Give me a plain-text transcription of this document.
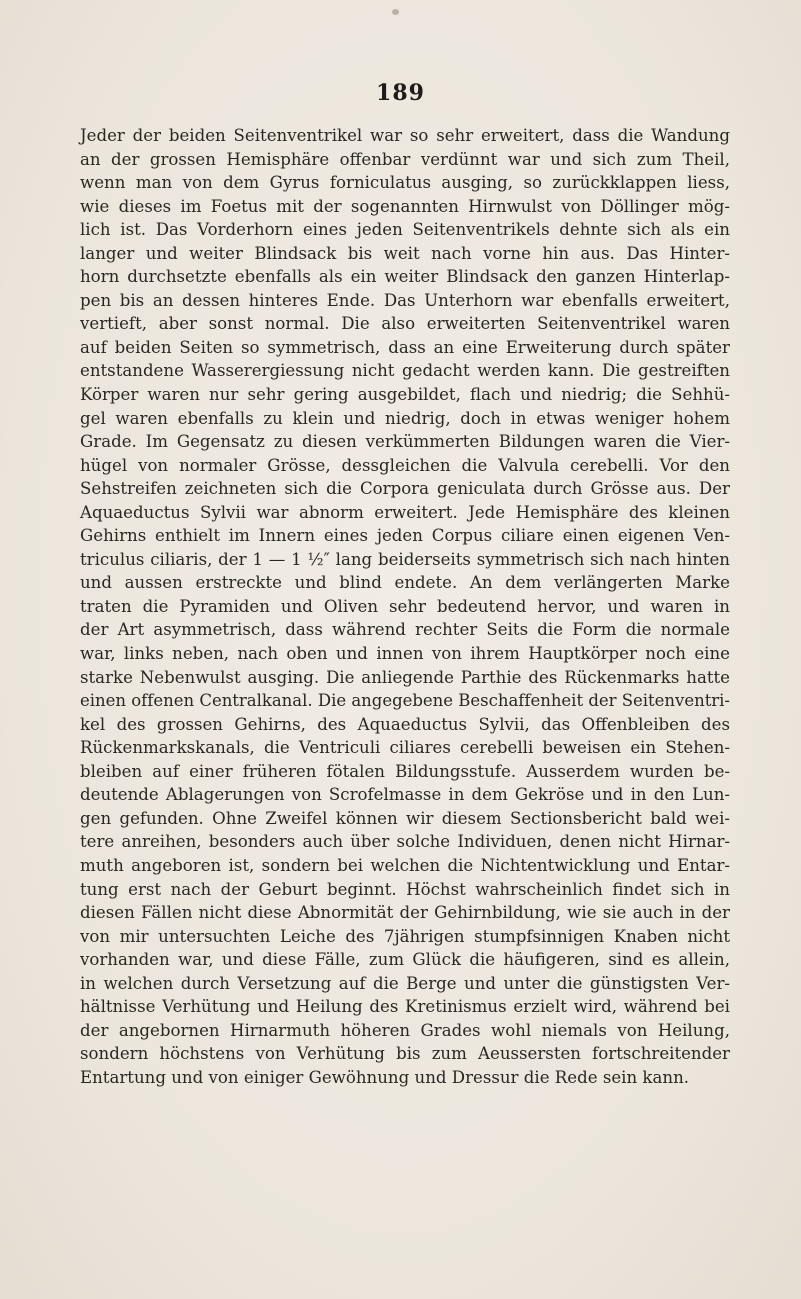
189
Jeder der beiden Seitenventrikel war so sehr erweitert, dass die Wandung
an der grossen Hemisphäre offenbar verdünnt war und sich zum Theil,
wenn man von dem Gyrus forniculatus ausging, so zurückklappen liess,
wie dieses im Foetus mit der sogenannten Hirnwulst von Döllinger mög-
lich ist. Das Vorderhorn eines jeden Seitenventrikels dehnte sich als ein
langer und weiter Blindsack bis weit nach vorne hin aus. Das Hinter-
horn durchsetzte ebenfalls als ein weiter Blindsack den ganzen Hinterlap-
pen bis an dessen hinteres Ende. Das Unterhorn war ebenfalls erweitert,
vertieft, aber sonst normal. Die also erweiterten Seitenventrikel waren
auf beiden Seiten so symmetrisch, dass an eine Erweiterung durch später
entstandene Wasserergiessung nicht gedacht werden kann. Die gestreiften
Körper waren nur sehr gering ausgebildet, flach und niedrig; die Sehhü-
gel waren ebenfalls zu klein und niedrig, doch in etwas weniger hohem
Grade. Im Gegensatz zu diesen verkümmerten Bildungen waren die Vier-
hügel von normaler Grösse, dessgleichen die Valvula cerebelli. Vor den
Sehstreifen zeichneten sich die Corpora geniculata durch Grösse aus. Der
Aquaeductus Sylvii war abnorm erweitert. Jede Hemisphäre des kleinen
Gehirns enthielt im Innern eines jeden Corpus ciliare einen eigenen Ven-
triculus ciliaris, der 1 — 1 ½″ lang beiderseits symmetrisch sich nach hinten
und aussen erstreckte und blind endete. An dem verlängerten Marke
traten die Pyramiden und Oliven sehr bedeutend hervor, und waren in
der Art asymmetrisch, dass während rechter Seits die Form die normale
war, links neben, nach oben und innen von ihrem Hauptkörper noch eine
starke Nebenwulst ausging. Die anliegende Parthie des Rückenmarks hatte
einen offenen Centralkanal. Die angegebene Beschaffenheit der Seitenventri-
kel des grossen Gehirns, des Aquaeductus Sylvii, das Offenbleiben des
Rückenmarkskanals, die Ventriculi ciliares cerebelli beweisen ein Stehen-
bleiben auf einer früheren fötalen Bildungsstufe. Ausserdem wurden be-
deutende Ablagerungen von Scrofelmasse in dem Gekröse und in den Lun-
gen gefunden. Ohne Zweifel können wir diesem Sectionsbericht bald wei-
tere anreihen, besonders auch über solche Individuen, denen nicht Hirnar-
muth angeboren ist, sondern bei welchen die Nichtentwicklung und Entar-
tung erst nach der Geburt beginnt. Höchst wahrscheinlich findet sich in
diesen Fällen nicht diese Abnormität der Gehirnbildung, wie sie auch in der
von mir untersuchten Leiche des 7jährigen stumpfsinnigen Knaben nicht
vorhanden war, und diese Fälle, zum Glück die häufigeren, sind es allein,
in welchen durch Versetzung auf die Berge und unter die günstigsten Ver-
hältnisse Verhütung und Heilung des Kretinismus erzielt wird, während bei
der angebornen Hirnarmuth höheren Grades wohl niemals von Heilung,
sondern höchstens von Verhütung bis zum Aeussersten fortschreitender
Entartung und von einiger Gewöhnung und Dressur die Rede sein kann.
